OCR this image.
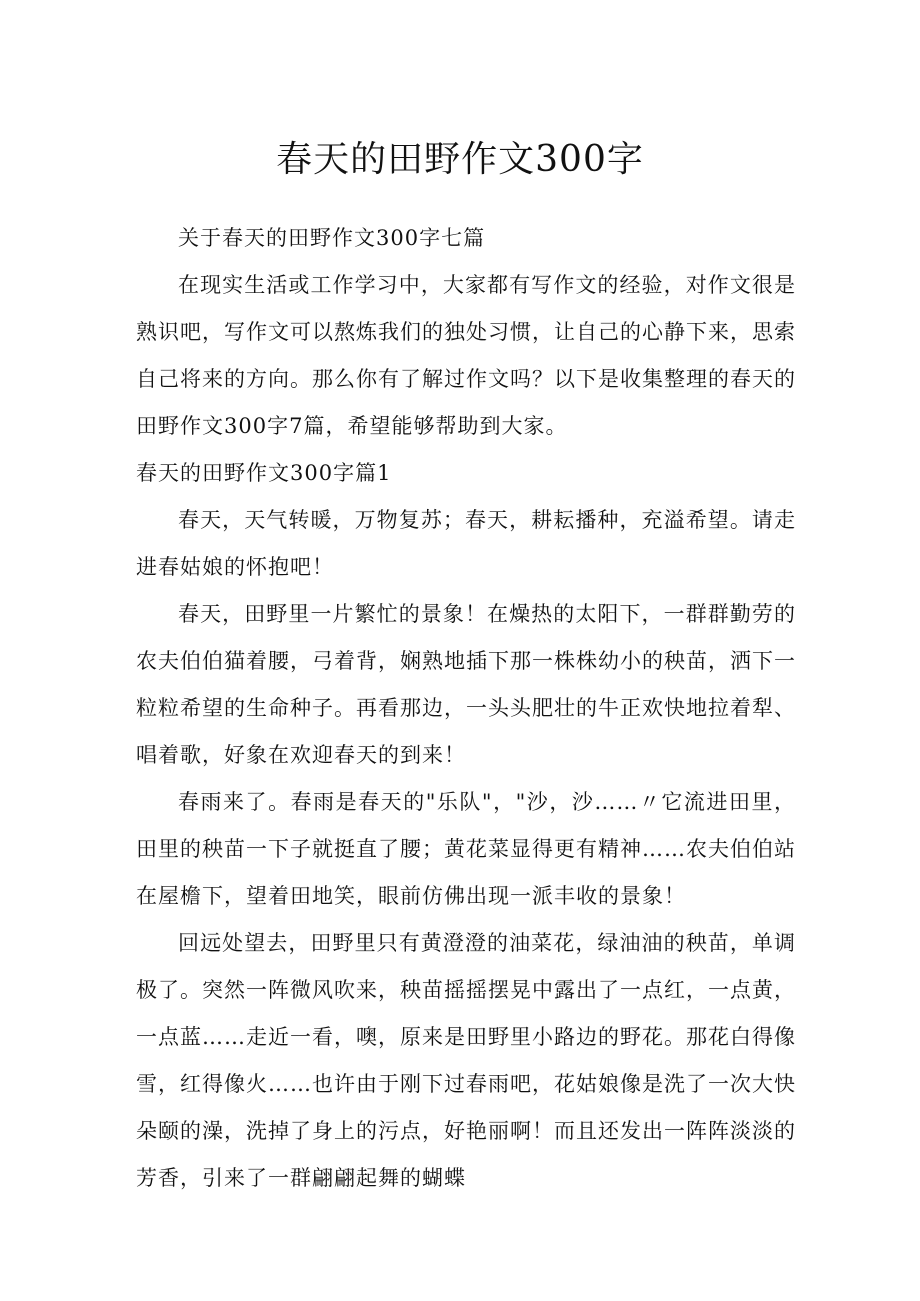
春天的田野作文300字

关于春天的田野作文300字七篇

在现实生活或工作学习中，大家都有写作文的经验，对作文很是熟识吧，写作文可以熬炼我们的独处习惯，让自己的心静下来，思索自己将来的方向。那么你有了解过作文吗？以下是收集整理的春天的田野作文300字7篇，希望能够帮助到大家。

春天的田野作文300字篇1

春天，天气转暖，万物复苏；春天，耕耘播种，充溢希望。请走进春姑娘的怀抱吧！

春天，田野里一片繁忙的景象！在燥热的太阳下，一群群勤劳的农夫伯伯猫着腰，弓着背，娴熟地插下那一株株幼小的秧苗，洒下一粒粒希望的生命种子。再看那边，一头头肥壮的牛正欢快地拉着犁、唱着歌，好象在欢迎春天的到来！

春雨来了。春雨是春天的"乐队"，"沙，沙……〃它流进田里，田里的秧苗一下子就挺直了腰；黄花菜显得更有精神……农夫伯伯站在屋檐下，望着田地笑，眼前仿佛出现一派丰收的景象！

回远处望去，田野里只有黄澄澄的油菜花，绿油油的秧苗，单调极了。突然一阵微风吹来，秧苗摇摇摆晃中露出了一点红，一点黄，一点蓝……走近一看，噢，原来是田野里小路边的野花。那花白得像雪，红得像火……也许由于刚下过春雨吧，花姑娘像是洗了一次大快朵颐的澡，洗掉了身上的污点，好艳丽啊！而且还发出一阵阵淡淡的芳香，引来了一群翩翩起舞的蝴蝶
